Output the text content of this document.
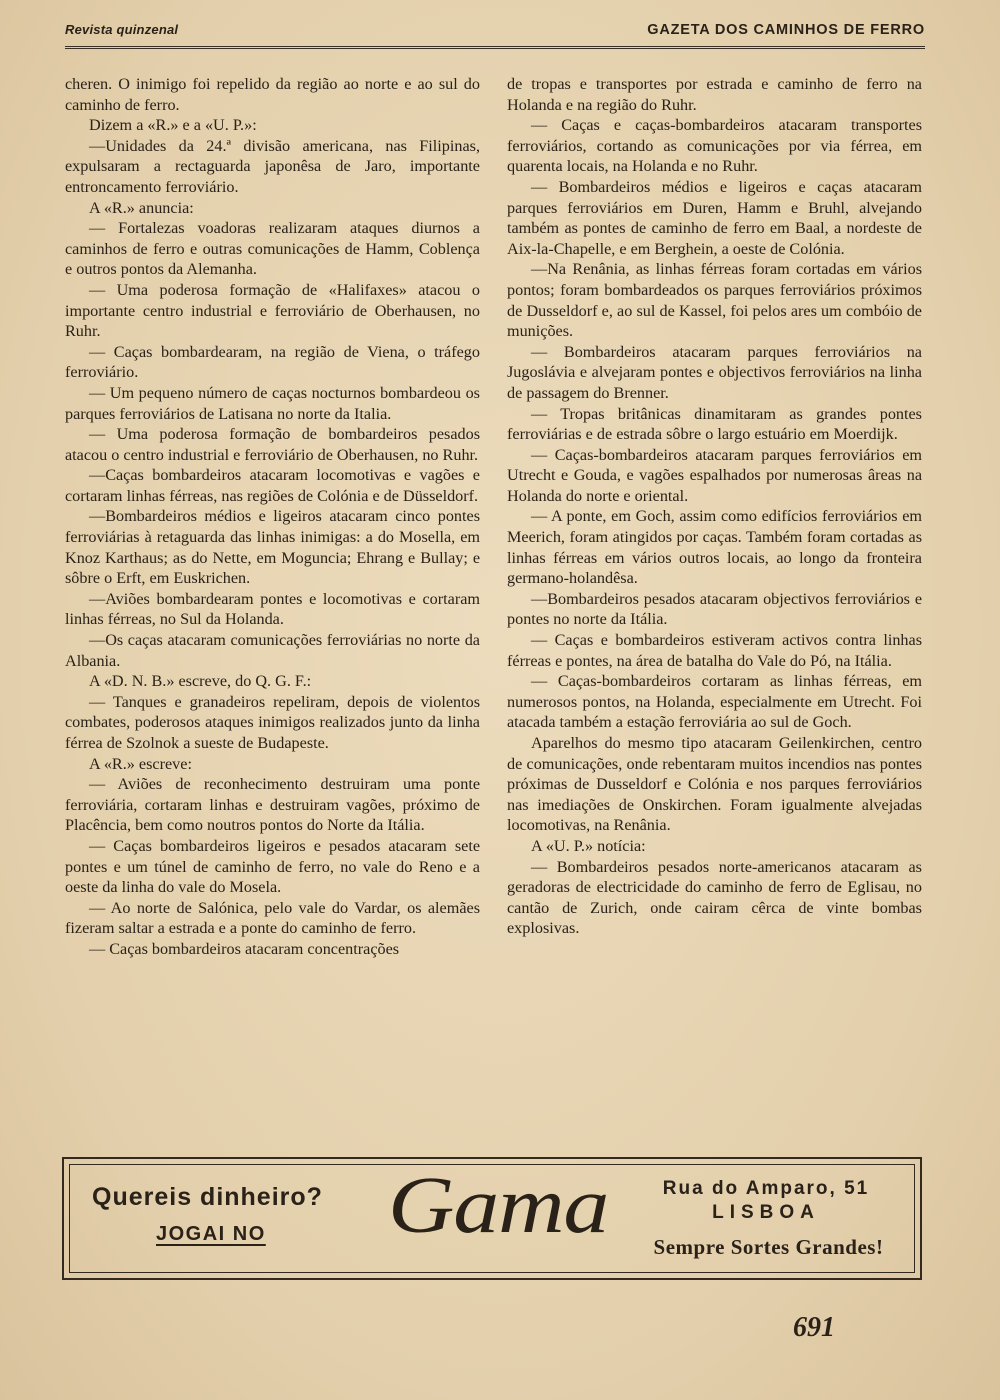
Revista quinzenal	GAZETA DOS CAMINHOS DE FERRO

cheren. O inimigo foi repelido da região ao norte e ao sul do caminho de ferro.

Dizem a «R.» e a «U. P.»:

—Unidades da 24.ª divisão americana, nas Filipinas, expulsaram a rectaguarda japonêsa de Jaro, importante entroncamento ferroviário.

A «R.» anuncia:

— Fortalezas voadoras realizaram ataques diurnos a caminhos de ferro e outras comunicações de Hamm, Coblença e outros pontos da Alemanha.

— Uma poderosa formação de «Halifaxes» atacou o importante centro industrial e ferroviário de Oberhausen, no Ruhr.

— Caças bombardearam, na região de Viena, o tráfego ferroviário.

— Um pequeno número de caças nocturnos bombardeou os parques ferroviários de Latisana no norte da Italia.

— Uma poderosa formação de bombardeiros pesados atacou o centro industrial e ferroviário de Oberhausen, no Ruhr.

—Caças bombardeiros atacaram locomotivas e vagões e cortaram linhas férreas, nas regiões de Colónia e de Düsseldorf.

—Bombardeiros médios e ligeiros atacaram cinco pontes ferroviárias à retaguarda das linhas inimigas: a do Mosella, em Knoz Karthaus; as do Nette, em Moguncia; Ehrang e Bullay; e sôbre o Erft, em Euskrichen.

—Aviões bombardearam pontes e locomotivas e cortaram linhas férreas, no Sul da Holanda.

—Os caças atacaram comunicações ferroviárias no norte da Albania.

A «D. N. B.» escreve, do Q. G. F.:

— Tanques e granadeiros repeliram, depois de violentos combates, poderosos ataques inimigos realizados junto da linha férrea de Szolnok a sueste de Budapeste.

A «R.» escreve:

— Aviões de reconhecimento destruiram uma ponte ferroviária, cortaram linhas e destruiram vagões, próximo de Placência, bem como noutros pontos do Norte da Itália.

— Caças bombardeiros ligeiros e pesados atacaram sete pontes e um túnel de caminho de ferro, no vale do Reno e a oeste da linha do vale do Mosela.

— Ao norte de Salónica, pelo vale do Vardar, os alemães fizeram saltar a estrada e a ponte do caminho de ferro.

— Caças bombardeiros atacaram concentrações

de tropas e transportes por estrada e caminho de ferro na Holanda e na região do Ruhr.

— Caças e caças-bombardeiros atacaram transportes ferroviários, cortando as comunicações por via férrea, em quarenta locais, na Holanda e no Ruhr.

— Bombardeiros médios e ligeiros e caças atacaram parques ferroviários em Duren, Hamm e Bruhl, alvejando também as pontes de caminho de ferro em Baal, a nordeste de Aix-la-Chapelle, e em Berghein, a oeste de Colónia.

—Na Renânia, as linhas férreas foram cortadas em vários pontos; foram bombardeados os parques ferroviários próximos de Dusseldorf e, ao sul de Kassel, foi pelos ares um combóio de munições.

— Bombardeiros atacaram parques ferroviários na Jugoslávia e alvejaram pontes e objectivos ferroviários na linha de passagem do Brenner.

— Tropas britânicas dinamitaram as grandes pontes ferroviárias e de estrada sôbre o largo estuário em Moerdijk.

— Caças-bombardeiros atacaram parques ferroviários em Utrecht e Gouda, e vagões espalhados por numerosas âreas na Holanda do norte e oriental.

— A ponte, em Goch, assim como edifícios ferroviários em Meerich, foram atingidos por caças. Também foram cortadas as linhas férreas em vários outros locais, ao longo da fronteira germano-holandêsa.

—Bombardeiros pesados atacaram objectivos ferroviários e pontes no norte da Itália.

— Caças e bombardeiros estiveram activos contra linhas férreas e pontes, na área de batalha do Vale do Pó, na Itália.

— Caças-bombardeiros cortaram as linhas férreas, em numerosos pontos, na Holanda, especialmente em Utrecht. Foi atacada também a estação ferroviária ao sul de Goch.

Aparelhos do mesmo tipo atacaram Geilenkirchen, centro de comunicações, onde rebentaram muitos incendios nas pontes próximas de Dusseldorf e Colónia e nos parques ferroviários nas imediações de Onskirchen. Foram igualmente alvejadas locomotivas, na Renânia.

A «U. P.» notícia:

— Bombardeiros pesados norte-americanos atacaram as geradoras de electricidade do caminho de ferro de Eglisau, no cantão de Zurich, onde cairam cêrca de vinte bombas explosivas.

Quereis dinheiro?
JOGAI NO Gama	Rua do Amparo, 51
LISBOA
Sempre Sortes Grandes!
691
